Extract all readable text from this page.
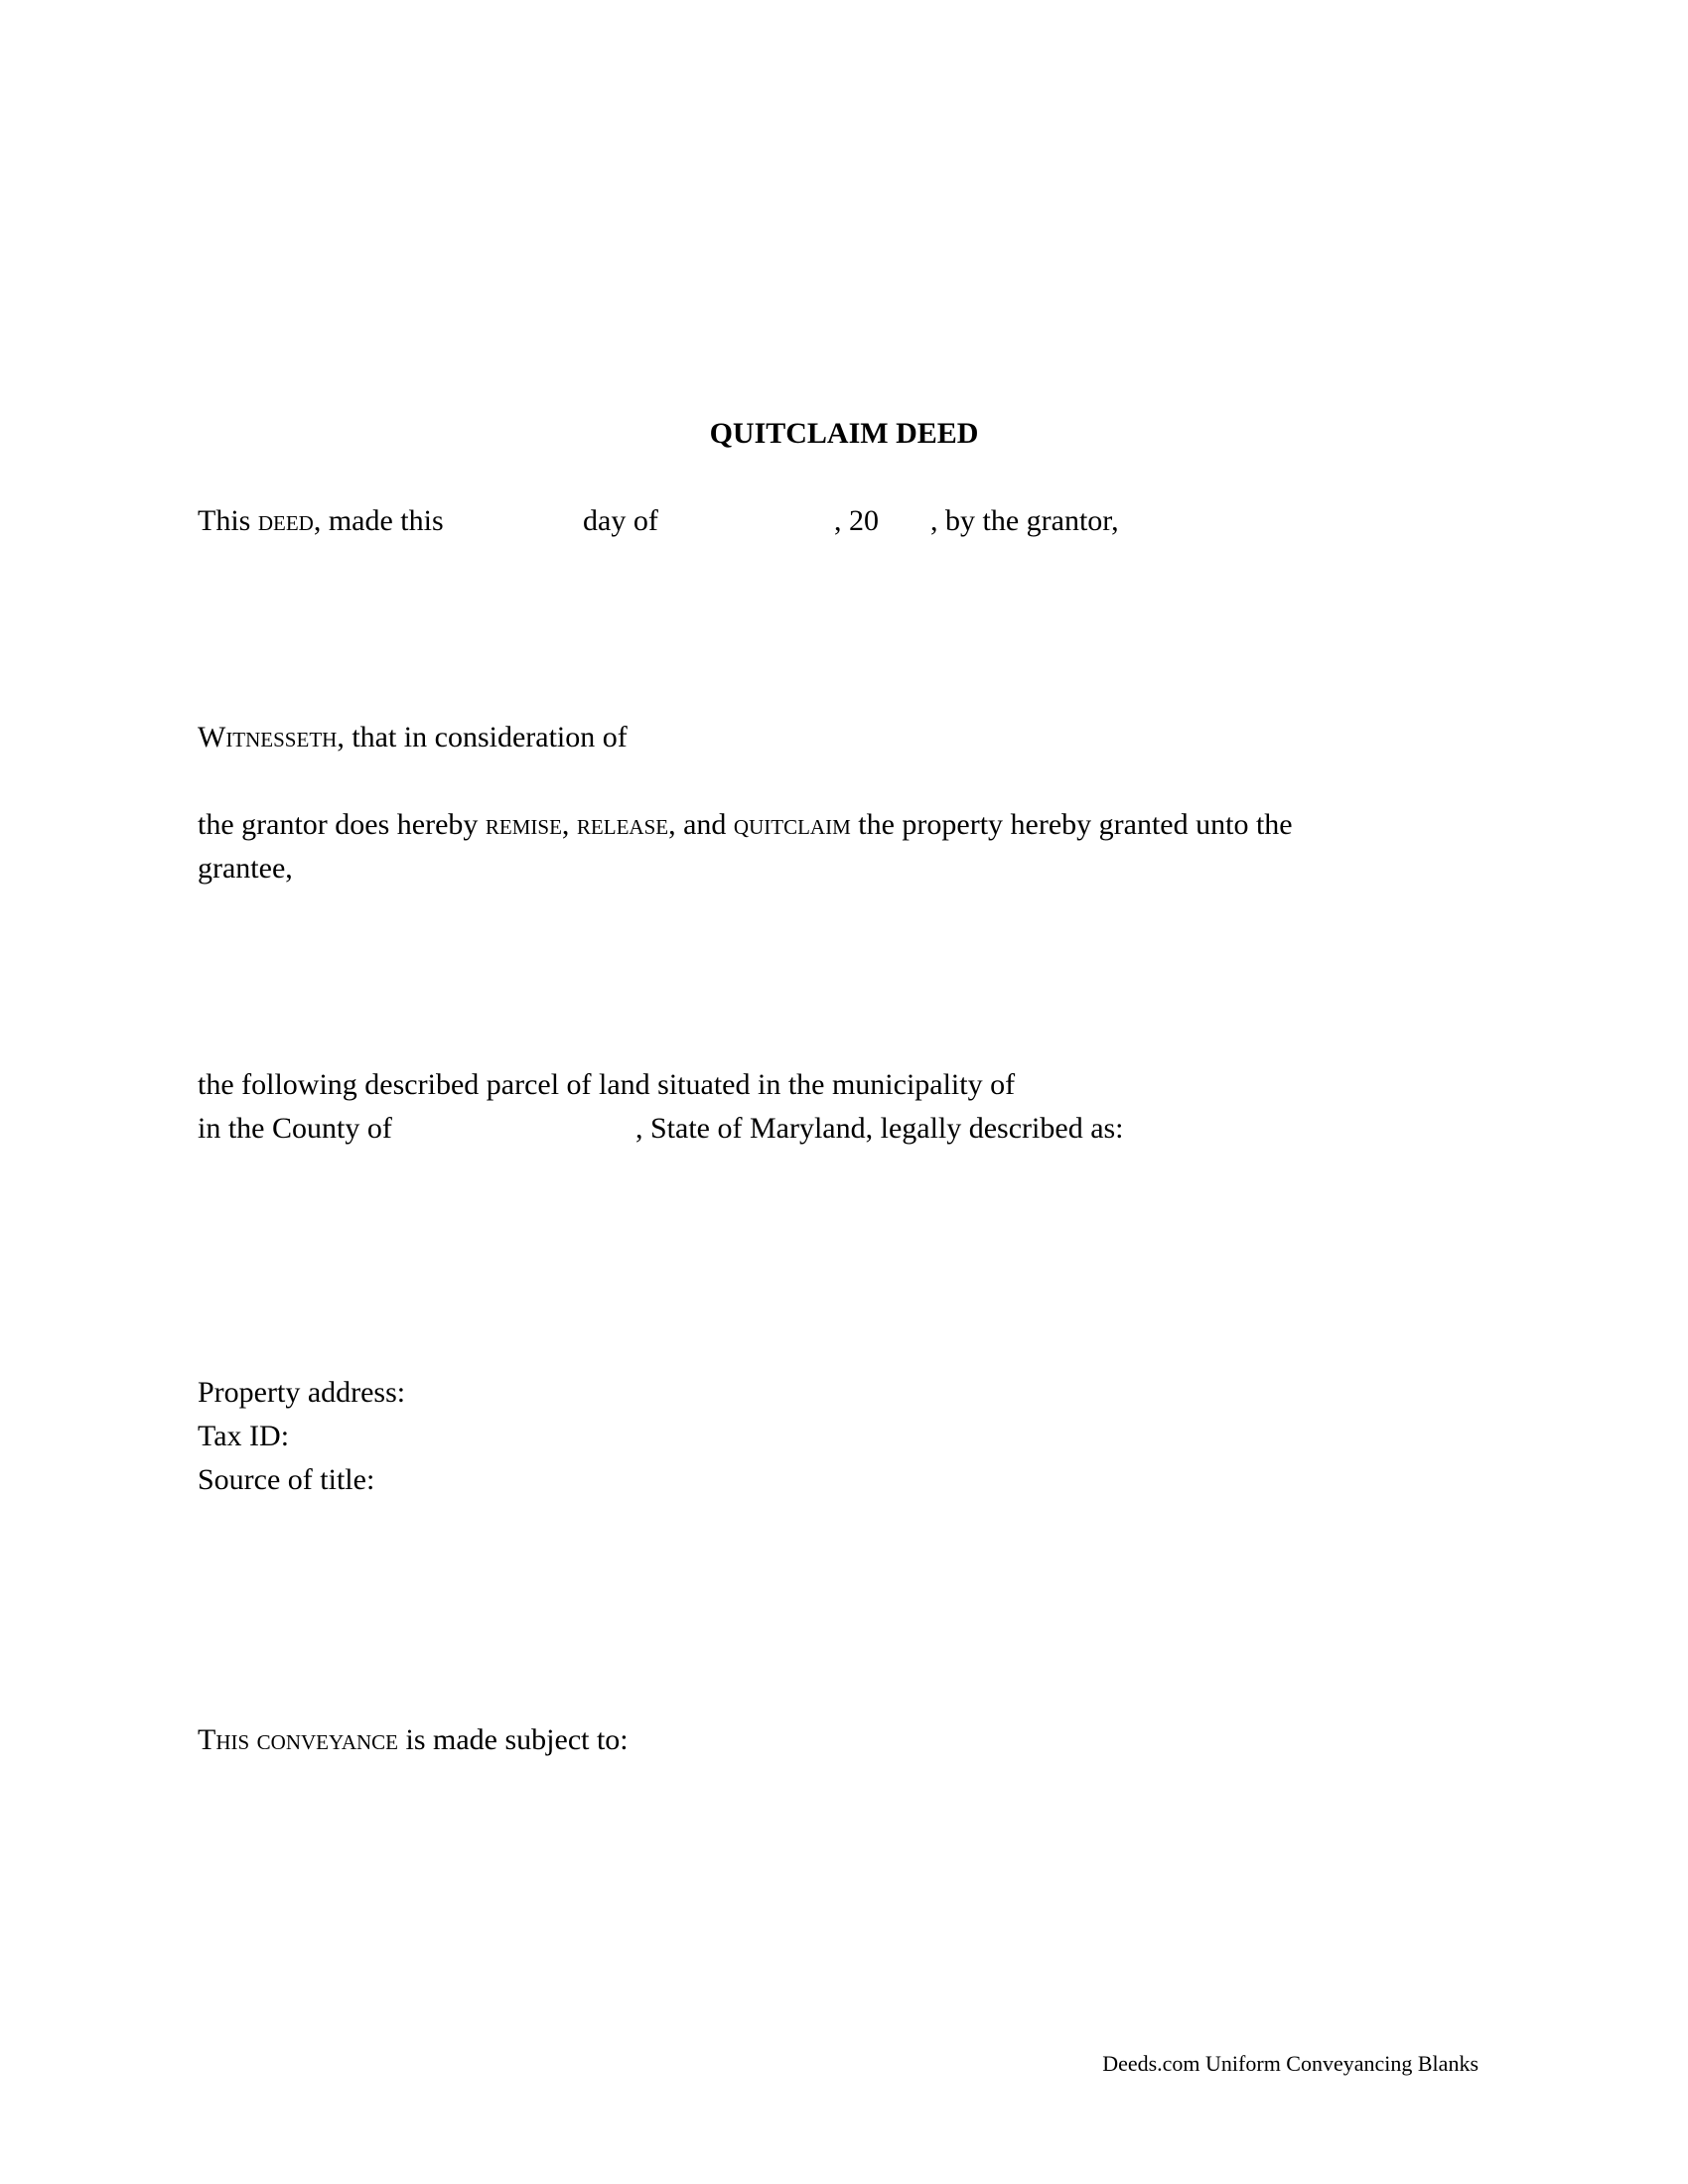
QUITCLAIM DEED
This deed, made this	day of	, 20 , by the grantor,
Witnesseth, that in consideration of
the grantor does hereby remise, release, and quitclaim the property hereby granted unto the
grantee,
the following described parcel of land situated in the municipality of
in the County of	, State of Maryland, legally described as:
Property address:
Tax ID:
Source of title:
This conveyance is made subject to:
Deeds.com Uniform Conveyancing Blanks
